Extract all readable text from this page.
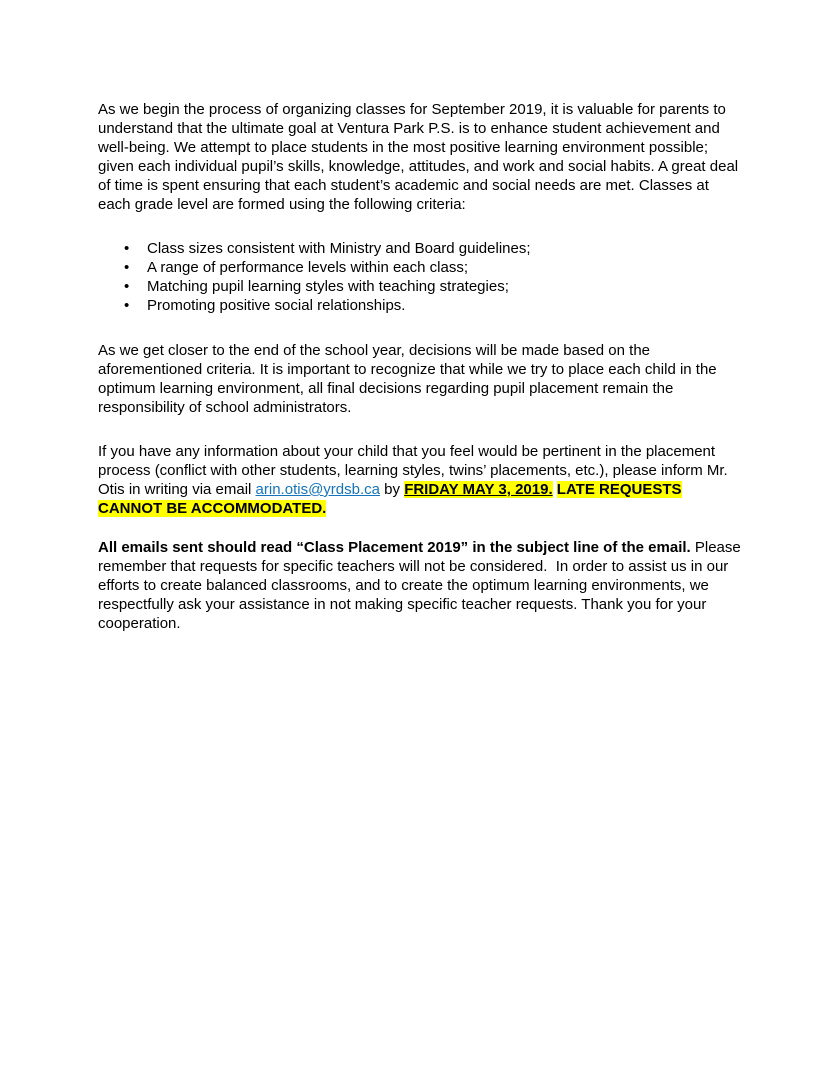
As we begin the process of organizing classes for September 2019, it is valuable for parents to understand that the ultimate goal at Ventura Park P.S. is to enhance student achievement and well-being. We attempt to place students in the most positive learning environment possible; given each individual pupil’s skills, knowledge, attitudes, and work and social habits. A great deal of time is spent ensuring that each student’s academic and social needs are met. Classes at each grade level are formed using the following criteria:

• Class sizes consistent with Ministry and Board guidelines;
• A range of performance levels within each class;
• Matching pupil learning styles with teaching strategies;
• Promoting positive social relationships.

As we get closer to the end of the school year, decisions will be made based on the aforementioned criteria. It is important to recognize that while we try to place each child in the optimum learning environment, all final decisions regarding pupil placement remain the responsibility of school administrators.

If you have any information about your child that you feel would be pertinent in the placement process (conflict with other students, learning styles, twins’ placements, etc.), please inform Mr. Otis in writing via email arin.otis@yrdsb.ca by FRIDAY MAY 3, 2019. LATE REQUESTS CANNOT BE ACCOMMODATED.

All emails sent should read “Class Placement 2019” in the subject line of the email. Please remember that requests for specific teachers will not be considered.  In order to assist us in our efforts to create balanced classrooms, and to create the optimum learning environments, we respectfully ask your assistance in not making specific teacher requests. Thank you for your cooperation.
